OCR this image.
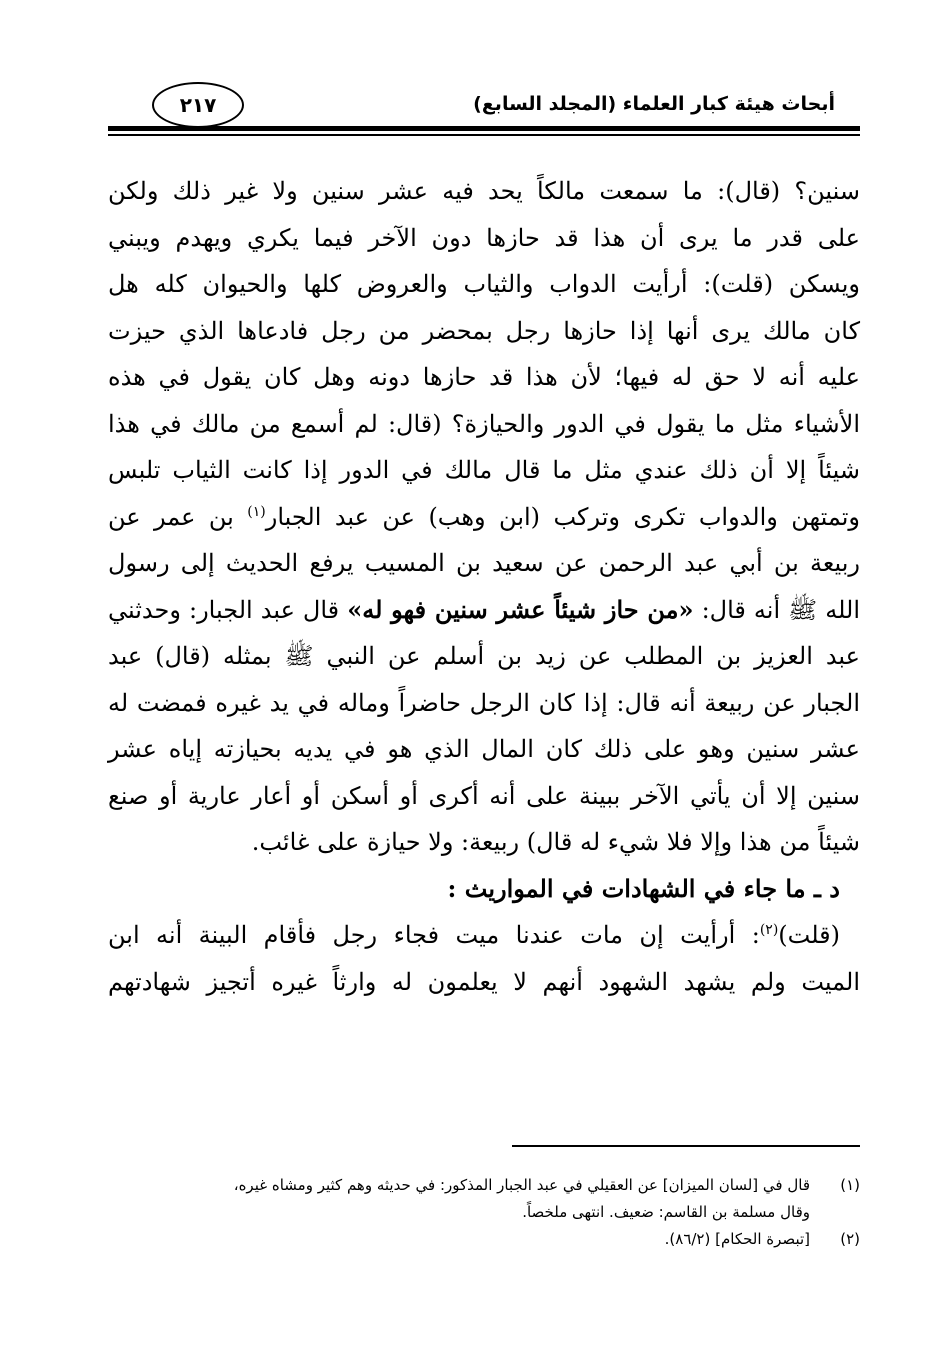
أبحاث هيئة كبار العلماء (المجلد السابع)
٢١٧
سنين؟ (قال): ما سمعت مالكاً يحد فيه عشر سنين ولا غير ذلك ولكن
على قدر ما يرى أن هذا قد حازها دون الآخر فيما يكري ويهدم ويبني
ويسكن (قلت): أرأيت الدواب والثياب والعروض كلها والحيوان كله هل
كان مالك يرى أنها إذا حازها رجل بمحضر من رجل فادعاها الذي حيزت
عليه أنه لا حق له فيها؛ لأن هذا قد حازها دونه وهل كان يقول في هذه
الأشياء مثل ما يقول في الدور والحيازة؟ (قال: لم أسمع من مالك في هذا
شيئاً إلا أن ذلك عندي مثل ما قال مالك في الدور إذا كانت الثياب تلبس
وتمتهن والدواب تكرى وتركب (ابن وهب) عن عبد الجبار$^{(١)}$ بن عمر عن
ربيعة بن أبي عبد الرحمن عن سعيد بن المسيب يرفع الحديث إلى رسول
الله ﷺ أنه قال: «من حاز شيئاً عشر سنين فهو له» قال عبد الجبار: وحدثني
عبد العزيز بن المطلب عن زيد بن أسلم عن النبي ﷺ بمثله (قال) عبد
الجبار عن ربيعة أنه قال: إذا كان الرجل حاضراً وماله في يد غيره فمضت له
عشر سنين وهو على ذلك كان المال الذي هو في يديه بحيازته إياه عشر
سنين إلا أن يأتي الآخر ببينة على أنه أكرى أو أسكن أو أعار عارية أو صنع
شيئاً من هذا وإلا فلا شيء له قال) ربيعة: ولا حيازة على غائب.
د ـ ما جاء في الشهادات في المواريث :
(قلت)$^{(٢)}$: أرأيت إن مات عندنا ميت فجاء رجل فأقام البينة أنه ابن
الميت ولم يشهد الشهود أنهم لا يعلمون له وارثاً غيره أتجيز شهادتهم
(١)قال في [لسان الميزان] عن العقيلي في عبد الجبار المذكور: في حديثه وهم كثير ومشاه غيره،
وقال مسلمة بن القاسم: ضعيف. انتهى ملخصاً.
(٢)[تبصرة الحكام] (٨٦/٢).
